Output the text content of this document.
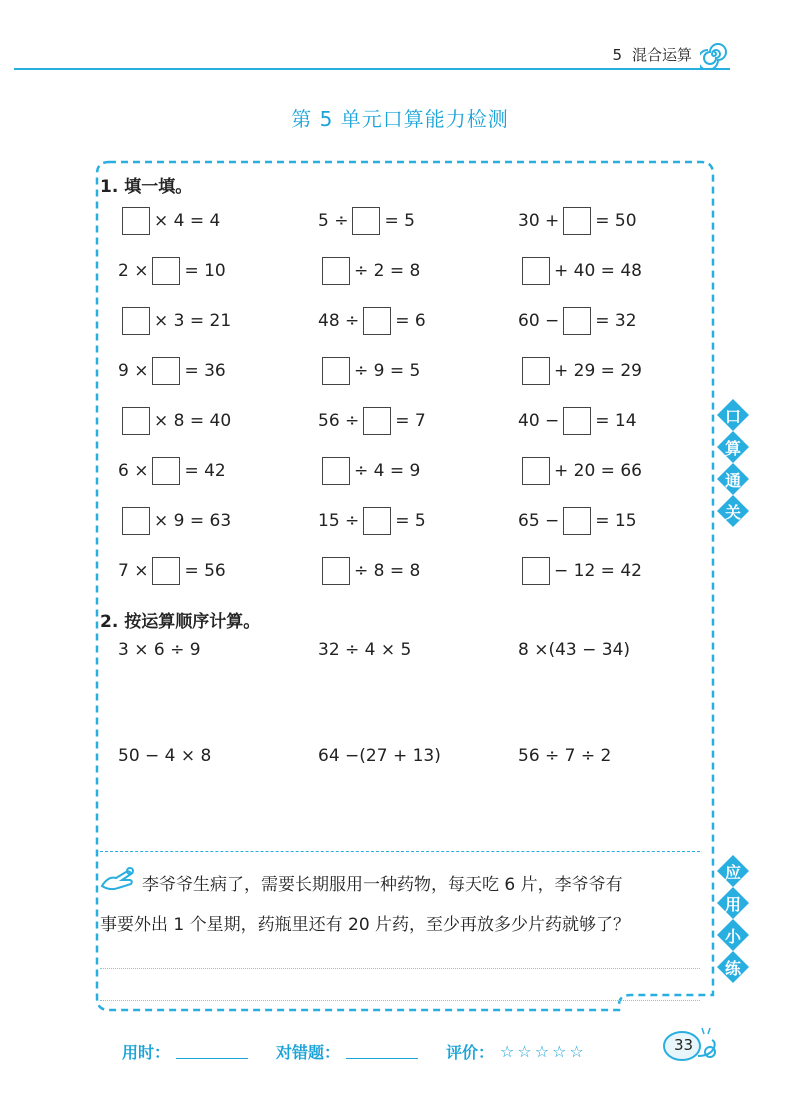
5 混合运算
第 5 单元口算能力检测
1. 填一填。
× 4 = 4	5 ÷ = 5	30 + = 50
2 × = 10	÷ 2 = 8	+ 40 = 48
× 3 = 21	48 ÷ = 6	60 − = 32
9 × = 36	÷ 9 = 5	+ 29 = 29
× 8 = 40	56 ÷ = 7	40 − = 14
6 × = 42	÷ 4 = 9	+ 20 = 66
× 9 = 63	15 ÷ = 5	65 − = 15
7 × = 56	÷ 8 = 8	− 12 = 42
2. 按运算顺序计算。
3 × 6 ÷ 9	32 ÷ 4 × 5	8 ×(43 − 34)
50 − 4 × 8	64 −(27 + 13)	56 ÷ 7 ÷ 2
李爷爷生病了，需要长期服用一种药物，每天吃 6 片，李爷爷有
事要外出 1 个星期，药瓶里还有 20 片药，至少再放多少片药就够了？
口
算
通
关
应
用
小
练
用时：	对错题：	评价： ☆☆☆☆☆	33
